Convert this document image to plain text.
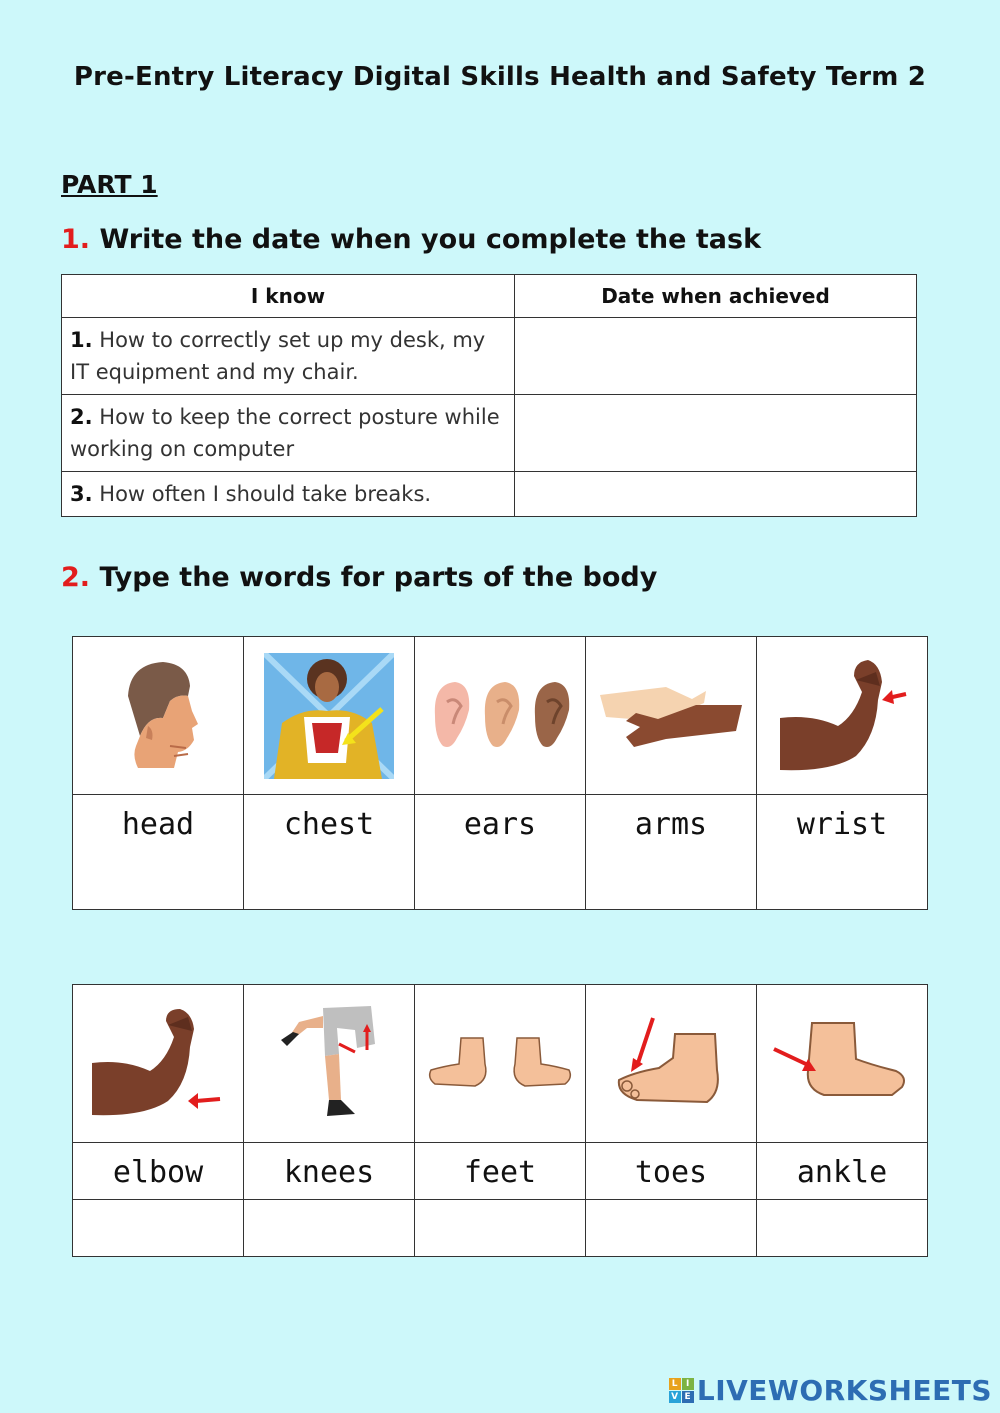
Pre-Entry Literacy Digital Skills Health and Safety Term 2
PART 1
1. Write the date when you complete the task
I know	Date when achieved
1. How to correctly set up my desk, my IT equipment and my chair.	
2. How to keep the correct posture while working on computer	
3. How often I should take breaks.	
2. Type the words for parts of the body

head	chest	ears	arms	wrist

elbow	knees	feet	toes	ankle

L I
V E LIVEWORKSHEETS
